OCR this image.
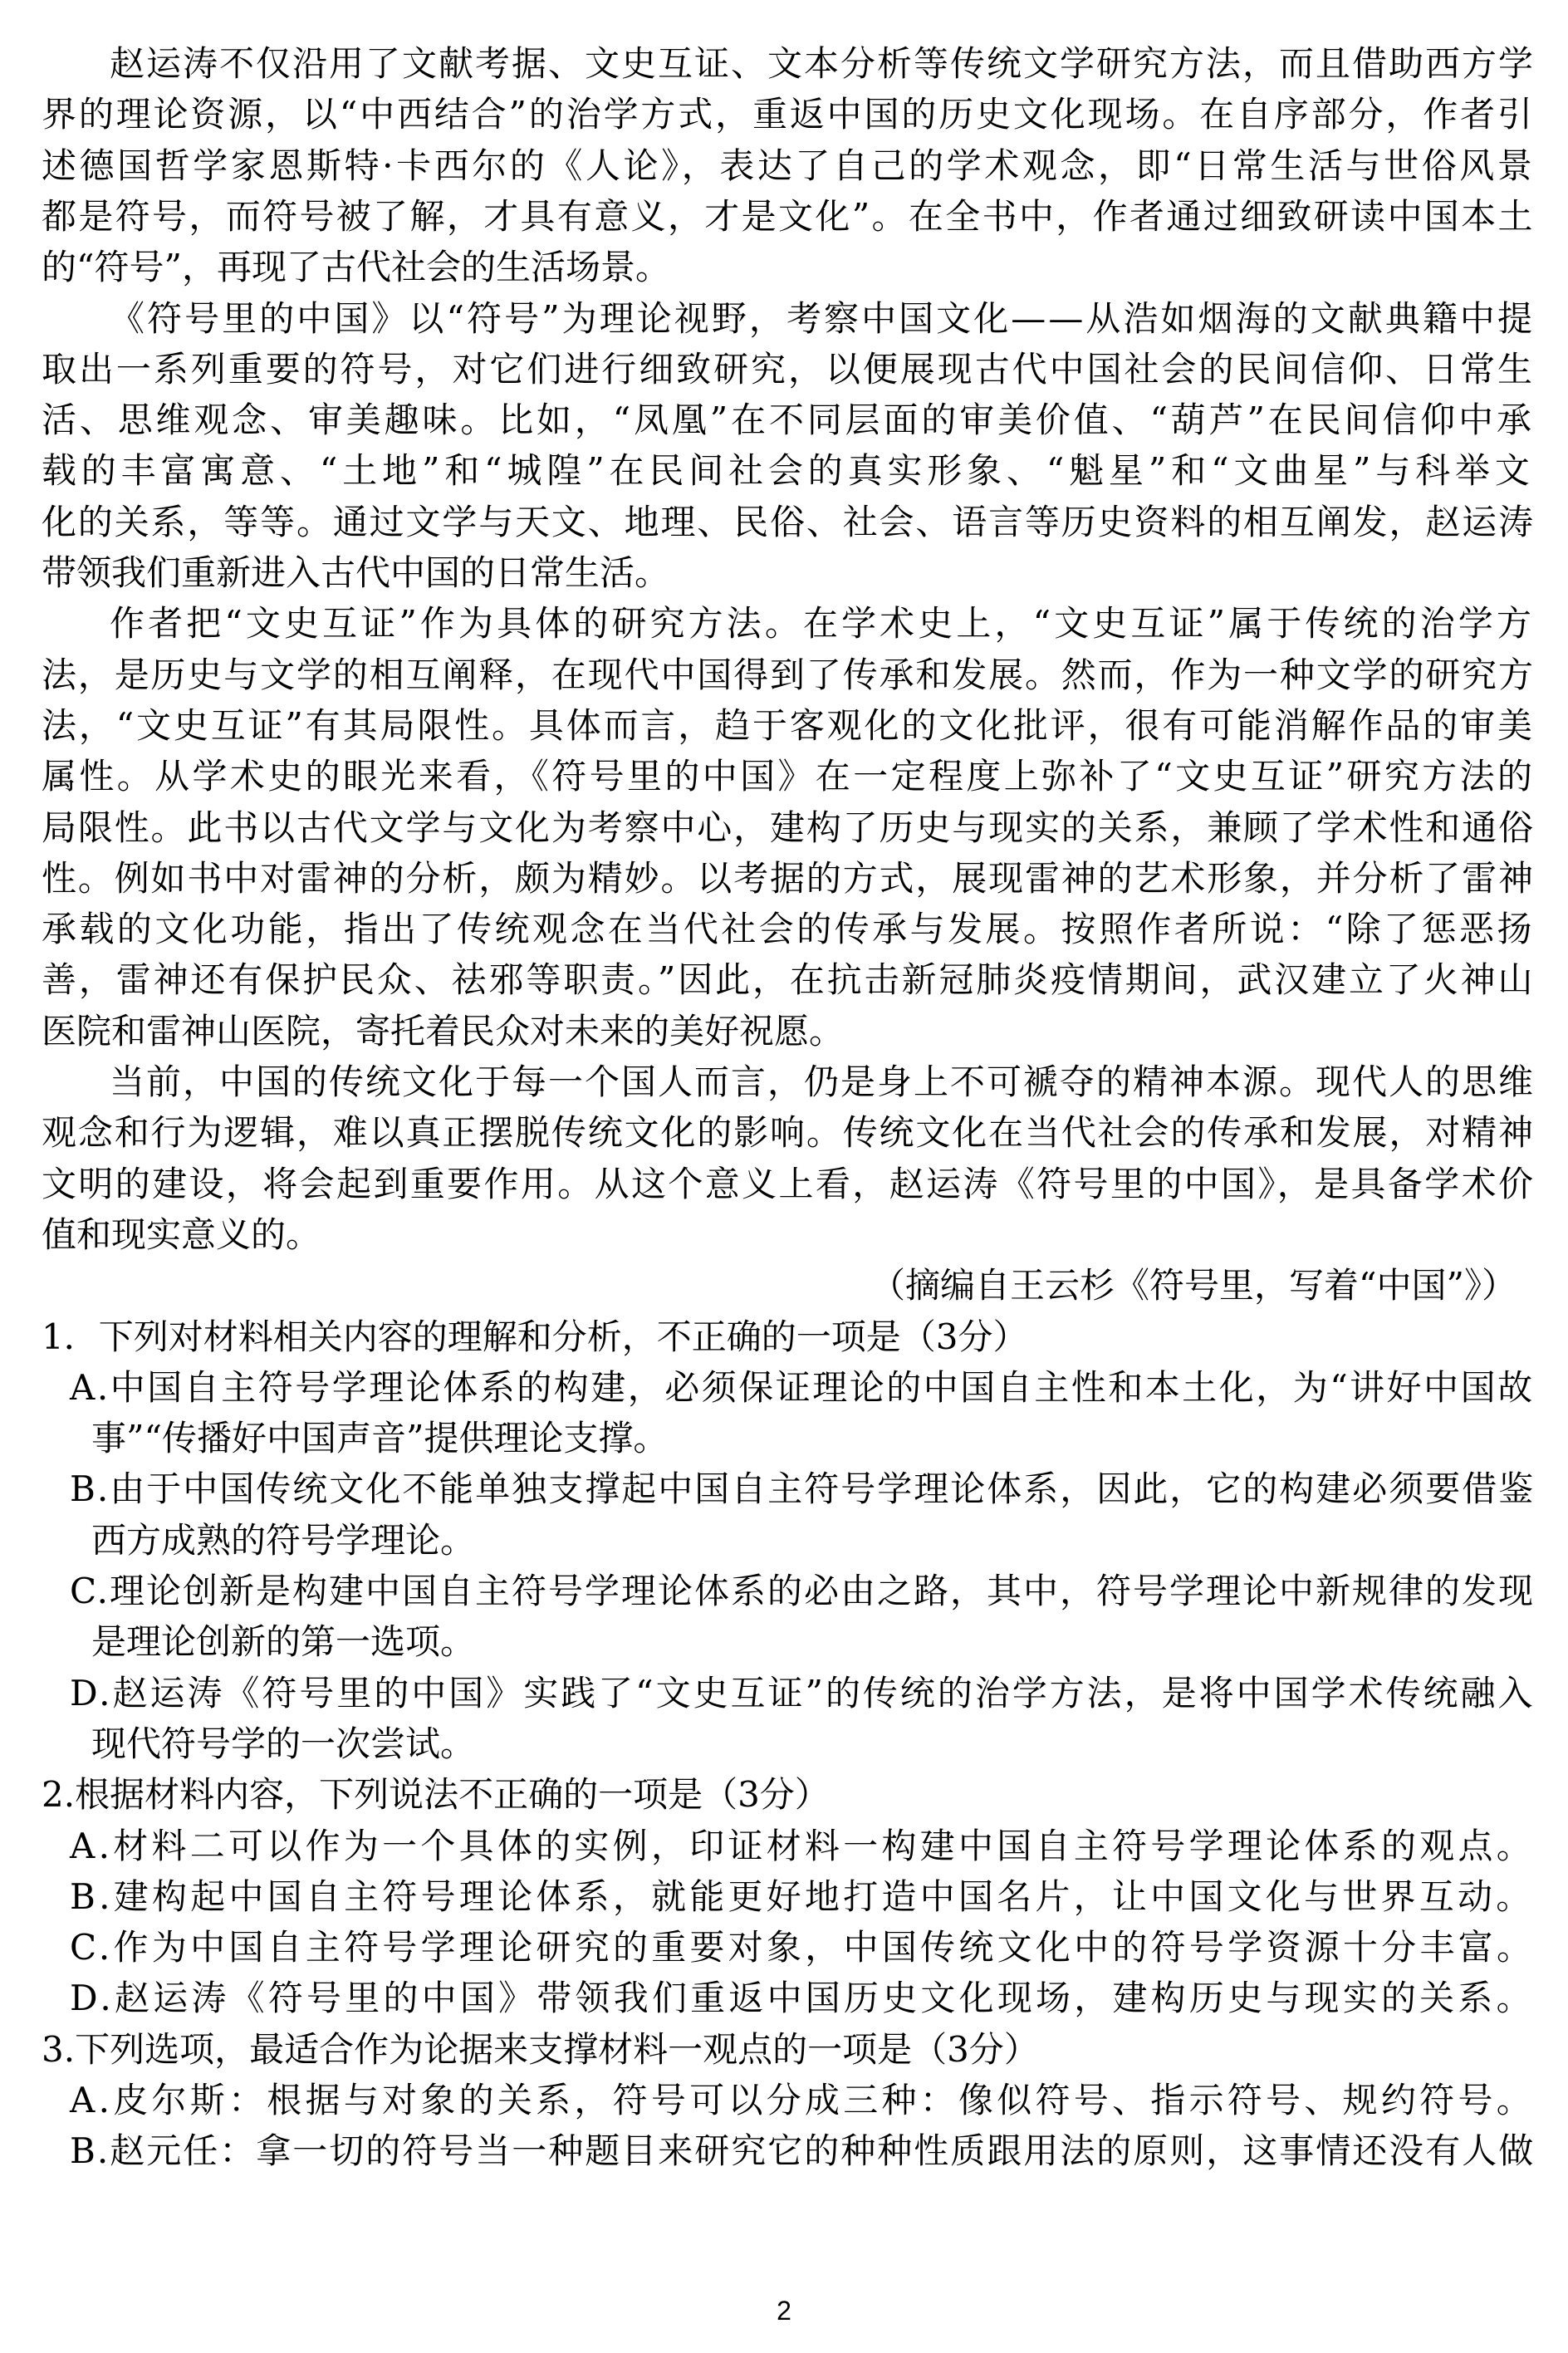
赵运涛不仅沿用了文献考据、文史互证、文本分析等传统文学研究方法，而且借助西方学
界的理论资源，以“中西结合”的治学方式，重返中国的历史文化现场。在自序部分，作者引
述德国哲学家恩斯特·卡西尔的《人论》，表达了自己的学术观念，即“日常生活与世俗风景
都是符号，而符号被了解，才具有意义，才是文化”。在全书中，作者通过细致研读中国本土
的“符号”，再现了古代社会的生活场景。
《符号里的中国》以“符号”为理论视野，考察中国文化——从浩如烟海的文献典籍中提
取出一系列重要的符号，对它们进行细致研究，以便展现古代中国社会的民间信仰、日常生
活、思维观念、审美趣味。比如，“凤凰”在不同层面的审美价值、“葫芦”在民间信仰中承
载的丰富寓意、“土地”和“城隍”在民间社会的真实形象、“魁星”和“文曲星”与科举文
化的关系，等等。通过文学与天文、地理、民俗、社会、语言等历史资料的相互阐发，赵运涛
带领我们重新进入古代中国的日常生活。
作者把“文史互证”作为具体的研究方法。在学术史上，“文史互证”属于传统的治学方
法，是历史与文学的相互阐释，在现代中国得到了传承和发展。然而，作为一种文学的研究方
法，“文史互证”有其局限性。具体而言，趋于客观化的文化批评，很有可能消解作品的审美
属性。从学术史的眼光来看，《符号里的中国》在一定程度上弥补了“文史互证”研究方法的
局限性。此书以古代文学与文化为考察中心，建构了历史与现实的关系，兼顾了学术性和通俗
性。例如书中对雷神的分析，颇为精妙。以考据的方式，展现雷神的艺术形象，并分析了雷神
承载的文化功能，指出了传统观念在当代社会的传承与发展。按照作者所说：“除了惩恶扬
善，雷神还有保护民众、祛邪等职责。”因此，在抗击新冠肺炎疫情期间，武汉建立了火神山
医院和雷神山医院，寄托着民众对未来的美好祝愿。
当前，中国的传统文化于每一个国人而言，仍是身上不可褫夺的精神本源。现代人的思维
观念和行为逻辑，难以真正摆脱传统文化的影响。传统文化在当代社会的传承和发展，对精神
文明的建设，将会起到重要作用。从这个意义上看，赵运涛《符号里的中国》，是具备学术价
值和现实意义的。
（摘编自王云杉《符号里，写着“中国”》）
1．下列对材料相关内容的理解和分析，不正确的一项是（3分）
A.中国自主符号学理论体系的构建，必须保证理论的中国自主性和本土化，为“讲好中国故
事”“传播好中国声音”提供理论支撑。
B.由于中国传统文化不能单独支撑起中国自主符号学理论体系，因此，它的构建必须要借鉴
西方成熟的符号学理论。
C.理论创新是构建中国自主符号学理论体系的必由之路，其中，符号学理论中新规律的发现
是理论创新的第一选项。
D.赵运涛《符号里的中国》实践了“文史互证”的传统的治学方法，是将中国学术传统融入
现代符号学的一次尝试。
2.根据材料内容，下列说法不正确的一项是（3分）
A.材料二可以作为一个具体的实例，印证材料一构建中国自主符号学理论体系的观点。
B.建构起中国自主符号理论体系，就能更好地打造中国名片，让中国文化与世界互动。
C.作为中国自主符号学理论研究的重要对象，中国传统文化中的符号学资源十分丰富。
D.赵运涛《符号里的中国》带领我们重返中国历史文化现场，建构历史与现实的关系。
3.下列选项，最适合作为论据来支撑材料一观点的一项是（3分）
A.皮尔斯：根据与对象的关系，符号可以分成三种：像似符号、指示符号、规约符号。
B.赵元任：拿一切的符号当一种题目来研究它的种种性质跟用法的原则，这事情还没有人做
2
